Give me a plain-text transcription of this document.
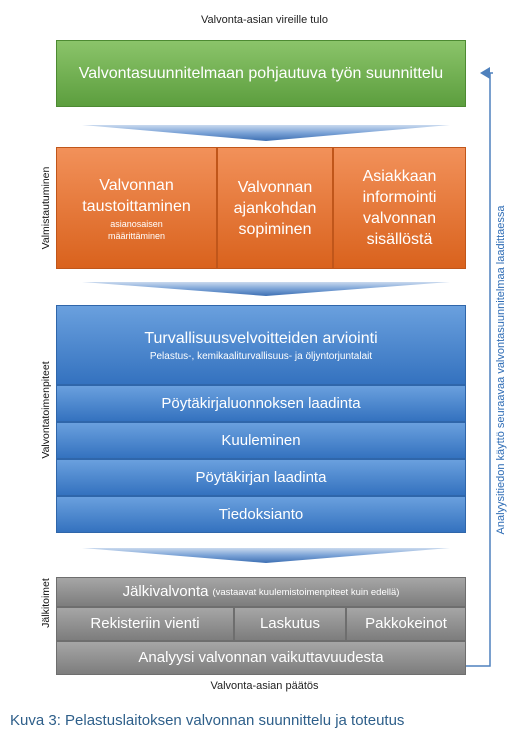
Valvonta-asian vireille tulo
Valvontasuunnitelmaan pohjautuva työn suunnittelu
Valmistautuminen
Valvontatoimenpiteet
Jälkitoimet
Valvonnan taustoittaminen
asianosaisen määrittäminen
Valvonnan ajankohdan sopiminen
Asiakkaan informointi valvonnan sisällöstä
Turvallisuusvelvoitteiden arviointi
Pelastus-, kemikaaliturvallisuus- ja öljyntorjuntalait
Pöytäkirjaluonnoksen laadinta
Kuuleminen
Pöytäkirjan laadinta
Tiedoksianto
Jälkivalvonta (vastaavat kuulemistoimenpiteet kuin edellä)
Rekisteriin vienti	Laskutus	Pakkokeinot
Analyysi valvonnan vaikuttavuudesta
Analyysitiedon käyttö seuraavaa valvontasuunnitelmaa laadittaessa
Valvonta-asian päätös
Kuva 3: Pelastuslaitoksen valvonnan suunnittelu ja toteutus
